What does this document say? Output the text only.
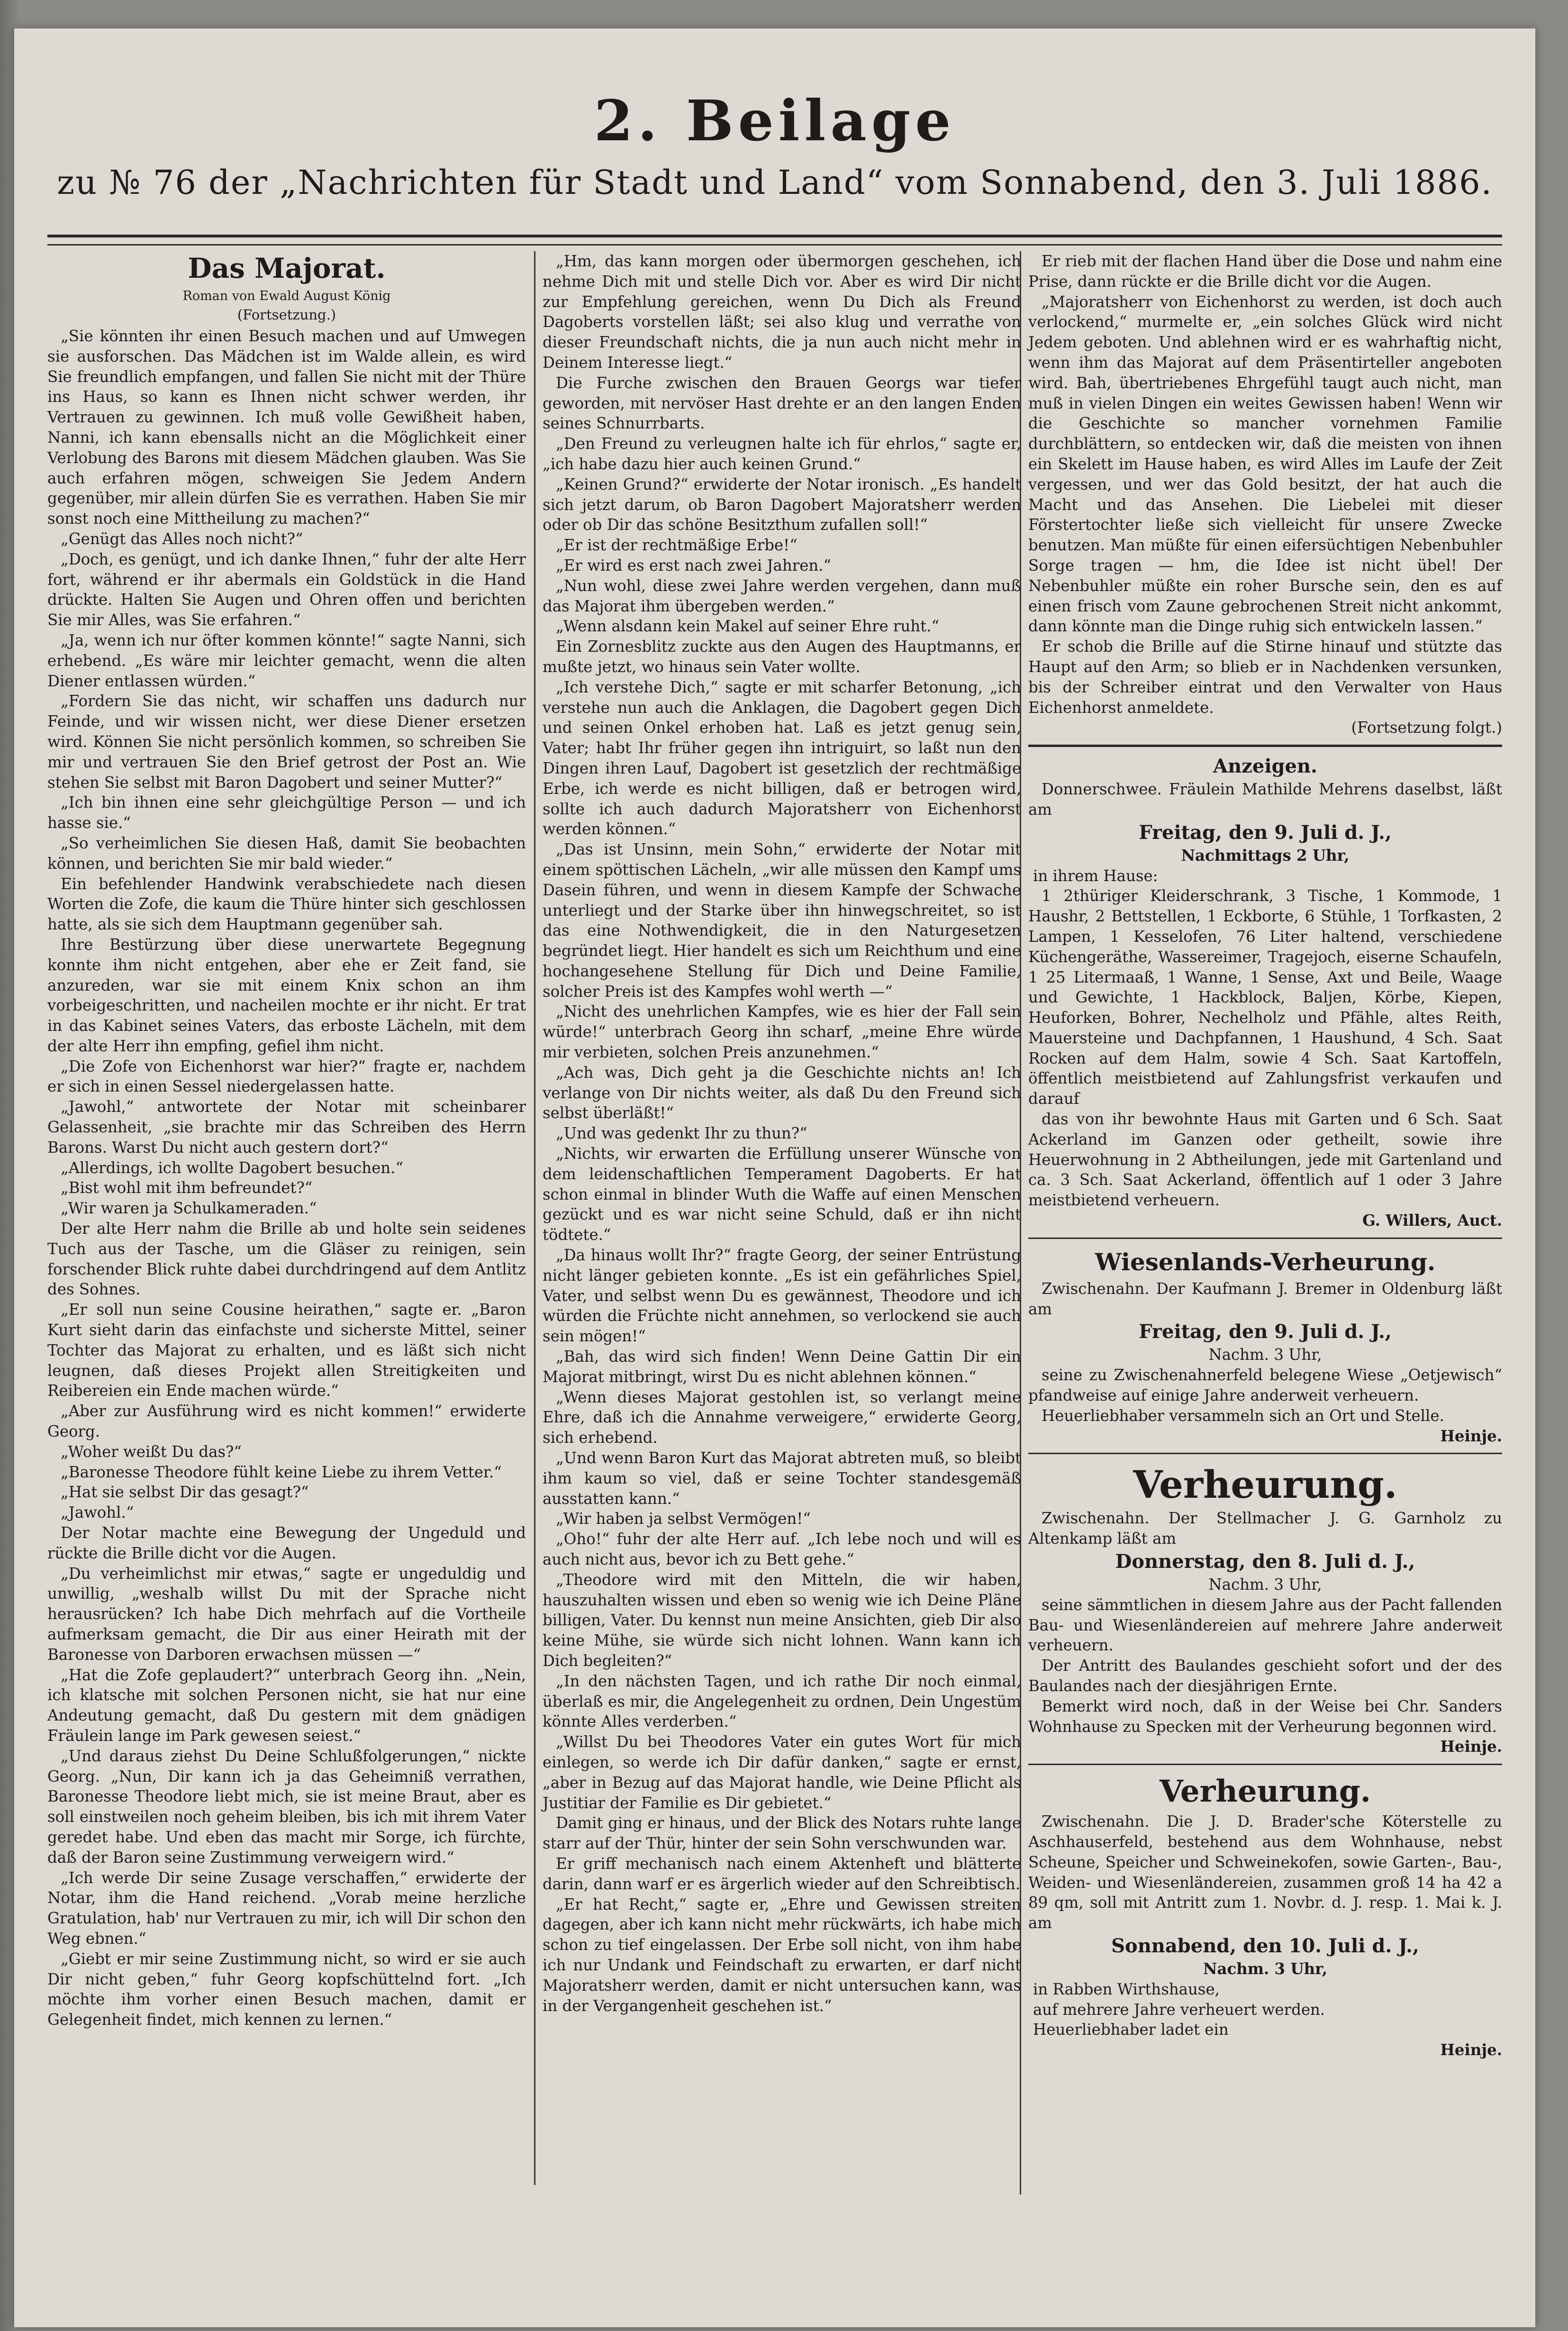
2. Beilage
zu № 76 der „Nachrichten für Stadt und Land“ vom Sonnabend, den 3. Juli 1886.
Das Majorat.
Roman von Ewald August König
(Fortsetzung.)

„Sie könnten ihr einen Besuch machen und auf Umwegen sie ausforschen. Das Mädchen ist im Walde allein, es wird Sie freundlich empfangen, und fallen Sie nicht mit der Thüre ins Haus, so kann es Ihnen nicht schwer werden, ihr Vertrauen zu gewinnen. Ich muß volle Gewißheit haben, Nanni, ich kann ebensalls nicht an die Möglichkeit einer Verlobung des Barons mit diesem Mädchen glauben. Was Sie auch erfahren mögen, schweigen Sie Jedem Andern gegenüber, mir allein dürfen Sie es verrathen. Haben Sie mir sonst noch eine Mittheilung zu machen?“

„Genügt das Alles noch nicht?“

„Doch, es genügt, und ich danke Ihnen,“ fuhr der alte Herr fort, während er ihr abermals ein Goldstück in die Hand drückte. Halten Sie Augen und Ohren offen und berichten Sie mir Alles, was Sie erfahren.“

„Ja, wenn ich nur öfter kommen könnte!“ sagte Nanni, sich erhebend. „Es wäre mir leichter gemacht, wenn die alten Diener entlassen würden.“

„Fordern Sie das nicht, wir schaffen uns dadurch nur Feinde, und wir wissen nicht, wer diese Diener ersetzen wird. Können Sie nicht persönlich kommen, so schreiben Sie mir und vertrauen Sie den Brief getrost der Post an. Wie stehen Sie selbst mit Baron Dagobert und seiner Mutter?“

„Ich bin ihnen eine sehr gleichgültige Person — und ich hasse sie.“

„So verheimlichen Sie diesen Haß, damit Sie beobachten können, und berichten Sie mir bald wieder.“

Ein befehlender Handwink verabschiedete nach diesen Worten die Zofe, die kaum die Thüre hinter sich geschlossen hatte, als sie sich dem Hauptmann gegenüber sah.

Ihre Bestürzung über diese unerwartete Begegnung konnte ihm nicht entgehen, aber ehe er Zeit fand, sie anzureden, war sie mit einem Knix schon an ihm vorbeigeschritten, und nacheilen mochte er ihr nicht. Er trat in das Kabinet seines Vaters, das erboste Lächeln, mit dem der alte Herr ihn empfing, gefiel ihm nicht.

„Die Zofe von Eichenhorst war hier?“ fragte er, nachdem er sich in einen Sessel niedergelassen hatte.

„Jawohl,“ antwortete der Notar mit scheinbarer Gelassenheit, „sie brachte mir das Schreiben des Herrn Barons. Warst Du nicht auch gestern dort?“

„Allerdings, ich wollte Dagobert besuchen.“

„Bist wohl mit ihm befreundet?“

„Wir waren ja Schulkameraden.“

Der alte Herr nahm die Brille ab und holte sein seidenes Tuch aus der Tasche, um die Gläser zu reinigen, sein forschender Blick ruhte dabei durchdringend auf dem Antlitz des Sohnes.

„Er soll nun seine Cousine heirathen,“ sagte er. „Baron Kurt sieht darin das einfachste und sicherste Mittel, seiner Tochter das Majorat zu erhalten, und es läßt sich nicht leugnen, daß dieses Projekt allen Streitigkeiten und Reibereien ein Ende machen würde.“

„Aber zur Ausführung wird es nicht kommen!“ erwiderte Georg.

„Woher weißt Du das?“

„Baronesse Theodore fühlt keine Liebe zu ihrem Vetter.“

„Hat sie selbst Dir das gesagt?“

„Jawohl.“

Der Notar machte eine Bewegung der Ungeduld und rückte die Brille dicht vor die Augen.

„Du verheimlichst mir etwas,“ sagte er ungeduldig und unwillig, „weshalb willst Du mit der Sprache nicht herausrücken? Ich habe Dich mehrfach auf die Vortheile aufmerksam gemacht, die Dir aus einer Heirath mit der Baronesse von Darboren erwachsen müssen —“

„Hat die Zofe geplaudert?“ unterbrach Georg ihn. „Nein, ich klatsche mit solchen Personen nicht, sie hat nur eine Andeutung gemacht, daß Du gestern mit dem gnädigen Fräulein lange im Park gewesen seiest.“

„Und daraus ziehst Du Deine Schlußfolgerungen,“ nickte Georg. „Nun, Dir kann ich ja das Geheimniß verrathen, Baronesse Theodore liebt mich, sie ist meine Braut, aber es soll einstweilen noch geheim bleiben, bis ich mit ihrem Vater geredet habe. Und eben das macht mir Sorge, ich fürchte, daß der Baron seine Zustimmung verweigern wird.“

„Ich werde Dir seine Zusage verschaffen,“ erwiderte der Notar, ihm die Hand reichend. „Vorab meine herzliche Gratulation, hab' nur Vertrauen zu mir, ich will Dir schon den Weg ebnen.“

„Giebt er mir seine Zustimmung nicht, so wird er sie auch Dir nicht geben,“ fuhr Georg kopfschüttelnd fort. „Ich möchte ihm vorher einen Besuch machen, damit er Gelegenheit findet, mich kennen zu lernen.“

„Hm, das kann morgen oder übermorgen geschehen, ich nehme Dich mit und stelle Dich vor. Aber es wird Dir nicht zur Empfehlung gereichen, wenn Du Dich als Freund Dagoberts vorstellen läßt; sei also klug und verrathe von dieser Freundschaft nichts, die ja nun auch nicht mehr in Deinem Interesse liegt.“

Die Furche zwischen den Brauen Georgs war tiefer geworden, mit nervöser Hast drehte er an den langen Enden seines Schnurrbarts.

„Den Freund zu verleugnen halte ich für ehrlos,“ sagte er, „ich habe dazu hier auch keinen Grund.“

„Keinen Grund?“ erwiderte der Notar ironisch. „Es handelt sich jetzt darum, ob Baron Dagobert Majoratsherr werden oder ob Dir das schöne Besitzthum zufallen soll!“

„Er ist der rechtmäßige Erbe!“

„Er wird es erst nach zwei Jahren.“

„Nun wohl, diese zwei Jahre werden vergehen, dann muß das Majorat ihm übergeben werden.“

„Wenn alsdann kein Makel auf seiner Ehre ruht.“

Ein Zornesblitz zuckte aus den Augen des Hauptmanns, er mußte jetzt, wo hinaus sein Vater wollte.

„Ich verstehe Dich,“ sagte er mit scharfer Betonung, „ich verstehe nun auch die Anklagen, die Dagobert gegen Dich und seinen Onkel erhoben hat. Laß es jetzt genug sein, Vater; habt Ihr früher gegen ihn intriguirt, so laßt nun den Dingen ihren Lauf, Dagobert ist gesetzlich der rechtmäßige Erbe, ich werde es nicht billigen, daß er betrogen wird, sollte ich auch dadurch Majoratsherr von Eichenhorst werden können.“

„Das ist Unsinn, mein Sohn,“ erwiderte der Notar mit einem spöttischen Lächeln, „wir alle müssen den Kampf ums Dasein führen, und wenn in diesem Kampfe der Schwache unterliegt und der Starke über ihn hinwegschreitet, so ist das eine Nothwendigkeit, die in den Naturgesetzen begründet liegt. Hier handelt es sich um Reichthum und eine hochangesehene Stellung für Dich und Deine Familie, solcher Preis ist des Kampfes wohl werth —“

„Nicht des unehrlichen Kampfes, wie es hier der Fall sein würde!“ unterbrach Georg ihn scharf, „meine Ehre würde mir verbieten, solchen Preis anzunehmen.“

„Ach was, Dich geht ja die Geschichte nichts an! Ich verlange von Dir nichts weiter, als daß Du den Freund sich selbst überläßt!“

„Und was gedenkt Ihr zu thun?“

„Nichts, wir erwarten die Erfüllung unserer Wünsche von dem leidenschaftlichen Temperament Dagoberts. Er hat schon einmal in blinder Wuth die Waffe auf einen Menschen gezückt und es war nicht seine Schuld, daß er ihn nicht tödtete.“

„Da hinaus wollt Ihr?“ fragte Georg, der seiner Entrüstung nicht länger gebieten konnte. „Es ist ein gefährliches Spiel, Vater, und selbst wenn Du es gewännest, Theodore und ich würden die Früchte nicht annehmen, so verlockend sie auch sein mögen!“

„Bah, das wird sich finden! Wenn Deine Gattin Dir ein Majorat mitbringt, wirst Du es nicht ablehnen können.“

„Wenn dieses Majorat gestohlen ist, so verlangt meine Ehre, daß ich die Annahme verweigere,“ erwiderte Georg, sich erhebend.

„Und wenn Baron Kurt das Majorat abtreten muß, so bleibt ihm kaum so viel, daß er seine Tochter standesgemäß ausstatten kann.“

„Wir haben ja selbst Vermögen!“

„Oho!“ fuhr der alte Herr auf. „Ich lebe noch und will es auch nicht aus, bevor ich zu Bett gehe.“

„Theodore wird mit den Mitteln, die wir haben, hauszuhalten wissen und eben so wenig wie ich Deine Pläne billigen, Vater. Du kennst nun meine Ansichten, gieb Dir also keine Mühe, sie würde sich nicht lohnen. Wann kann ich Dich begleiten?“

„In den nächsten Tagen, und ich rathe Dir noch einmal, überlaß es mir, die Angelegenheit zu ordnen, Dein Ungestüm könnte Alles verderben.“

„Willst Du bei Theodores Vater ein gutes Wort für mich einlegen, so werde ich Dir dafür danken,“ sagte er ernst, „aber in Bezug auf das Majorat handle, wie Deine Pflicht als Justitiar der Familie es Dir gebietet.“

Damit ging er hinaus, und der Blick des Notars ruhte lange starr auf der Thür, hinter der sein Sohn verschwunden war.

Er griff mechanisch nach einem Aktenheft und blätterte darin, dann warf er es ärgerlich wieder auf den Schreibtisch.

„Er hat Recht,“ sagte er, „Ehre und Gewissen streiten dagegen, aber ich kann nicht mehr rückwärts, ich habe mich schon zu tief eingelassen. Der Erbe soll nicht, von ihm habe ich nur Undank und Feindschaft zu erwarten, er darf nicht Majoratsherr werden, damit er nicht untersuchen kann, was in der Vergangenheit geschehen ist.“

Er rieb mit der flachen Hand über die Dose und nahm eine Prise, dann rückte er die Brille dicht vor die Augen.

„Majoratsherr von Eichenhorst zu werden, ist doch auch verlockend,“ murmelte er, „ein solches Glück wird nicht Jedem geboten. Und ablehnen wird er es wahrhaftig nicht, wenn ihm das Majorat auf dem Präsentirteller angeboten wird. Bah, übertriebenes Ehrgefühl taugt auch nicht, man muß in vielen Dingen ein weites Gewissen haben! Wenn wir die Geschichte so mancher vornehmen Familie durchblättern, so entdecken wir, daß die meisten von ihnen ein Skelett im Hause haben, es wird Alles im Laufe der Zeit vergessen, und wer das Gold besitzt, der hat auch die Macht und das Ansehen. Die Liebelei mit dieser Förstertochter ließe sich vielleicht für unsere Zwecke benutzen. Man müßte für einen eifersüchtigen Nebenbuhler Sorge tragen — hm, die Idee ist nicht übel! Der Nebenbuhler müßte ein roher Bursche sein, den es auf einen frisch vom Zaune gebrochenen Streit nicht ankommt, dann könnte man die Dinge ruhig sich entwickeln lassen.“

Er schob die Brille auf die Stirne hinauf und stützte das Haupt auf den Arm; so blieb er in Nachdenken versunken, bis der Schreiber eintrat und den Verwalter von Haus Eichenhorst anmeldete.

(Fortsetzung folgt.)
Anzeigen.

Donnerschwee. Fräulein Mathilde Mehrens daselbst, läßt am

Freitag, den 9. Juli d. J.,
Nachmittags 2 Uhr,
in ihrem Hause:

1 2thüriger Kleiderschrank, 3 Tische, 1 Kommode, 1 Haushr, 2 Bettstellen, 1 Eckborte, 6 Stühle, 1 Torfkasten, 2 Lampen, 1 Kesselofen, 76 Liter haltend, verschiedene Küchengeräthe, Wassereimer, Tragejoch, eiserne Schaufeln, 1 25 Litermaaß, 1 Wanne, 1 Sense, Axt und Beile, Waage und Gewichte, 1 Hackblock, Baljen, Körbe, Kiepen, Heuforken, Bohrer, Nechelholz und Pfähle, altes Reith, Mauersteine und Dachpfannen, 1 Haushund, 4 Sch. Saat Rocken auf dem Halm, sowie 4 Sch. Saat Kartoffeln, öffentlich meistbietend auf Zahlungsfrist verkaufen und darauf

das von ihr bewohnte Haus mit Garten und 6 Sch. Saat Ackerland im Ganzen oder getheilt, sowie ihre Heuerwohnung in 2 Abtheilungen, jede mit Gartenland und ca. 3 Sch. Saat Ackerland, öffentlich auf 1 oder 3 Jahre meistbietend verheuern.

G. Willers, Auct.
Wiesenlands-Verheurung.

Zwischenahn. Der Kaufmann J. Bremer in Oldenburg läßt am

Freitag, den 9. Juli d. J.,
Nachm. 3 Uhr,

seine zu Zwischenahnerfeld belegene Wiese „Oetjewisch“ pfandweise auf einige Jahre anderweit verheuern.

Heuerliebhaber versammeln sich an Ort und Stelle.

Heinje.
Verheurung.

Zwischenahn. Der Stellmacher J. G. Garnholz zu Altenkamp läßt am

Donnerstag, den 8. Juli d. J.,
Nachm. 3 Uhr,

seine sämmtlichen in diesem Jahre aus der Pacht fallenden Bau- und Wiesenländereien auf mehrere Jahre anderweit verheuern.

Der Antritt des Baulandes geschieht sofort und der des Baulandes nach der diesjährigen Ernte.

Bemerkt wird noch, daß in der Weise bei Chr. Sanders Wohnhause zu Specken mit der Verheurung begonnen wird.

Heinje.
Verheurung.

Zwischenahn. Die J. D. Brader'sche Köterstelle zu Aschhauserfeld, bestehend aus dem Wohnhause, nebst Scheune, Speicher und Schweinekofen, sowie Garten-, Bau-, Weiden- und Wiesenländereien, zusammen groß 14 ha 42 a 89 qm, soll mit Antritt zum 1. Novbr. d. J. resp. 1. Mai k. J. am

Sonnabend, den 10. Juli d. J.,
Nachm. 3 Uhr,
in Rabben Wirthshause,
auf mehrere Jahre verheuert werden.
Heuerliebhaber ladet ein
Heinje.
